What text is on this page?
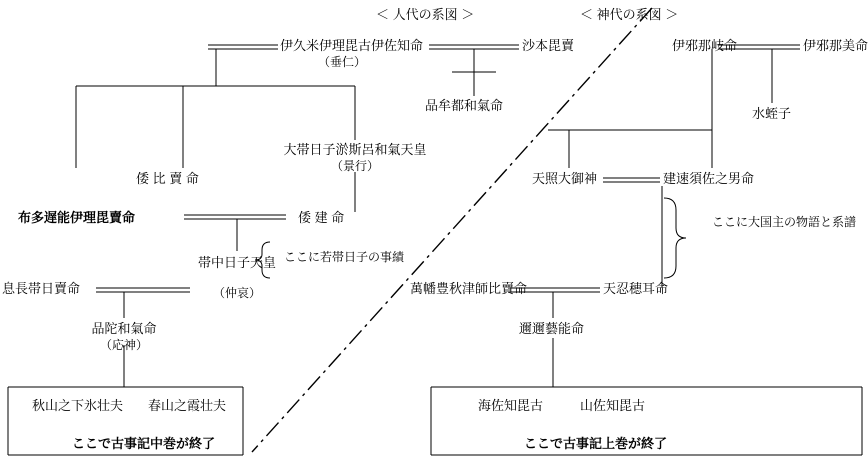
＜ 神代の系図 ＞
＜ 人代の系図 ＞
伊久米伊理毘古伊佐知命
（垂仁）
沙本毘賣
品牟都和氣命
大帯日子淤斯呂和氣天皇
（景行）
倭 比 賣 命
布多遅能伊理毘賣命	倭 建 命
ここに若帯日子の事績
帯中日子天皇
（仲哀）
息長帯日賣命
品陀和氣命
（応神）
秋山之下氷壮夫 春山之霞壮夫
ここで古事記中巻が終了
伊邪那岐命	伊邪那美命
水蛭子
天照大御神	建速須佐之男命
ここに大国主の物語と系譜
萬幡豊秋津師比賣命	天忍穂耳命
邇邇藝能命
海佐知毘古	山佐知毘古
ここで古事記上巻が終了
